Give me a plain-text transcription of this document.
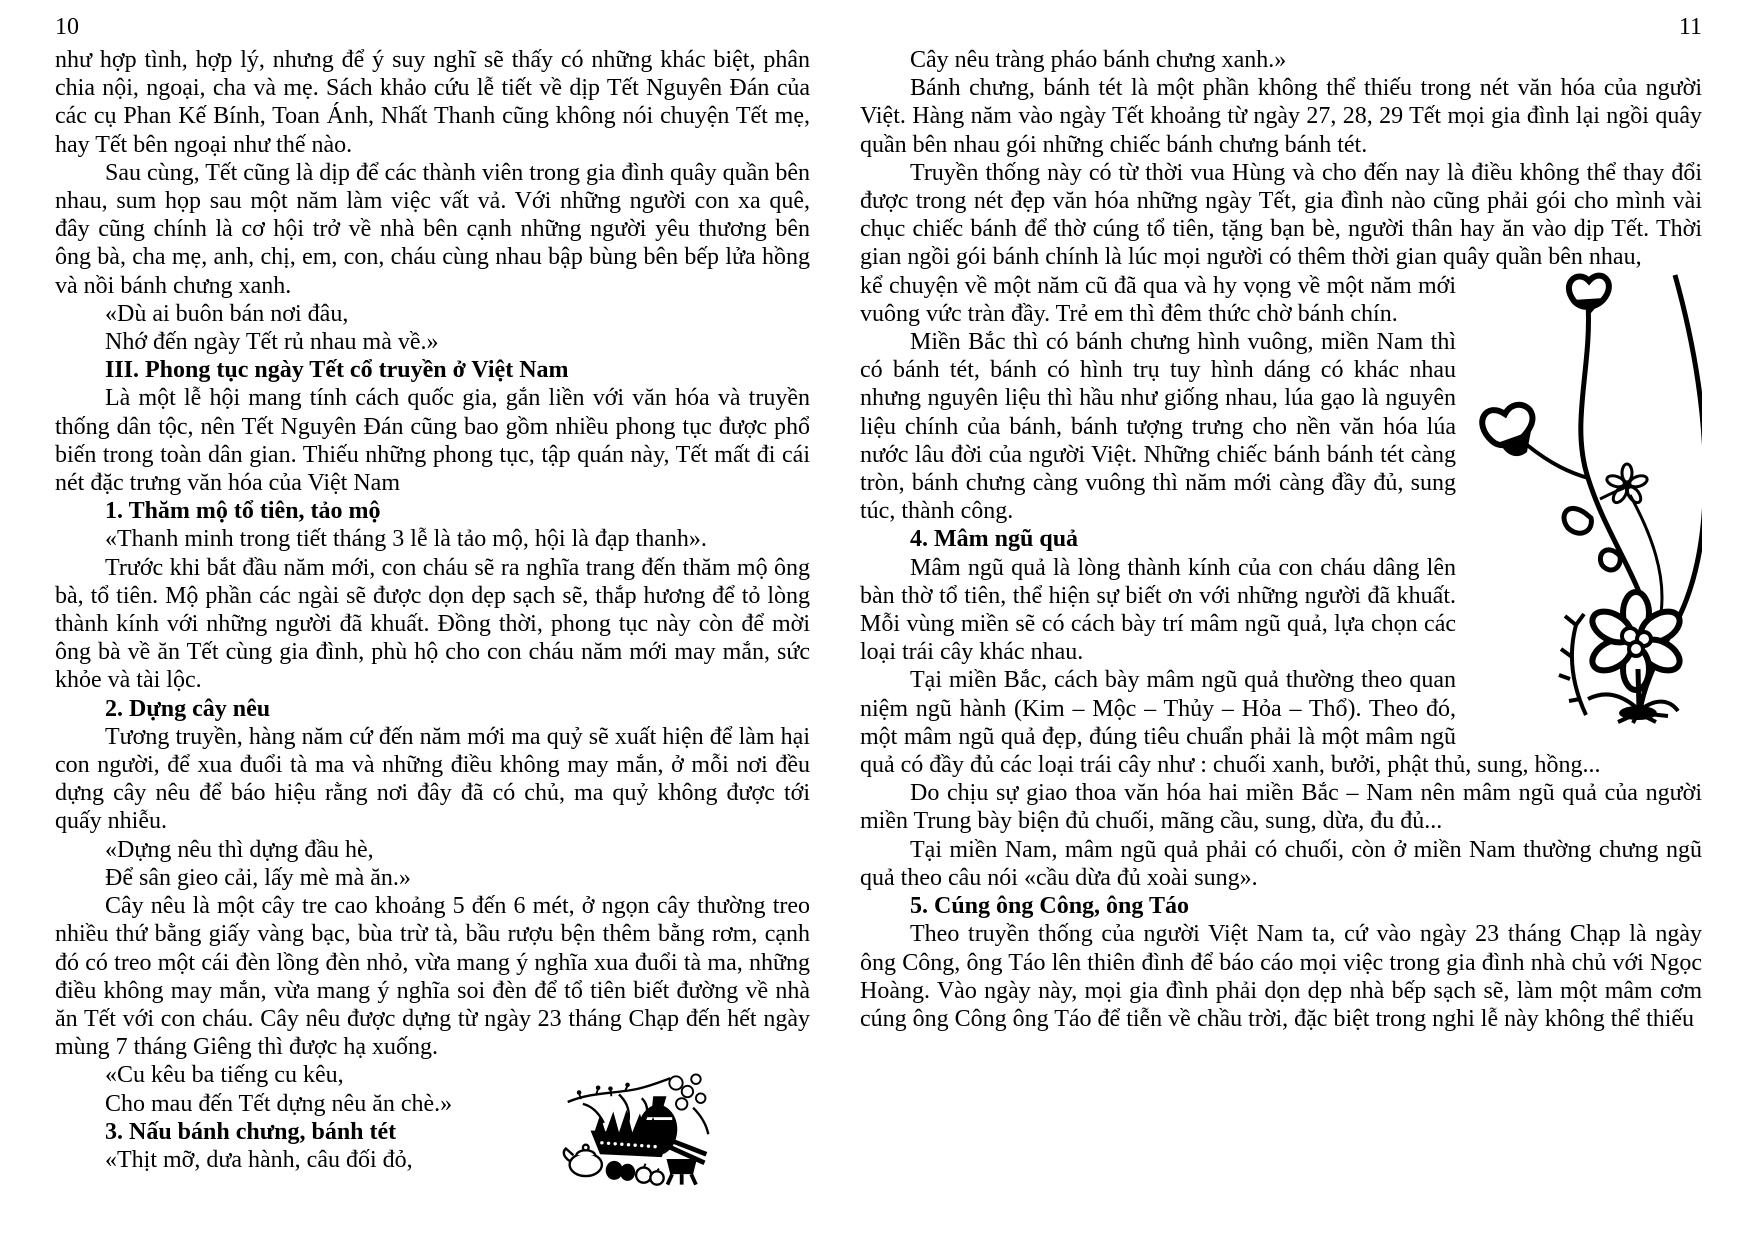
10

như hợp tình, hợp lý, nhưng để ý suy nghĩ sẽ thấy có những khác biệt, phân chia nội, ngoại, cha và mẹ. Sách khảo cứu lễ tiết về dịp Tết Nguyên Đán của các cụ Phan Kế Bính, Toan Ánh, Nhất Thanh cũng không nói chuyện Tết mẹ, hay Tết bên ngoại như thế nào.

Sau cùng, Tết cũng là dịp để các thành viên trong gia đình quây quần bên nhau, sum họp sau một năm làm việc vất vả. Với những người con xa quê, đây cũng chính là cơ hội trở về nhà bên cạnh những người yêu thương bên ông bà, cha mẹ, anh, chị, em, con, cháu cùng nhau bập bùng bên bếp lửa hồng và nồi bánh chưng xanh.

«Dù ai buôn bán nơi đâu,
Nhớ đến ngày Tết rủ nhau mà về.»

III. Phong tục ngày Tết cổ truyền ở Việt Nam

Là một lễ hội mang tính cách quốc gia, gắn liền với văn hóa và truyền thống dân tộc, nên Tết Nguyên Đán cũng bao gồm nhiều phong tục được phổ biến trong toàn dân gian. Thiếu những phong tục, tập quán này, Tết mất đi cái nét đặc trưng văn hóa của Việt Nam

1. Thăm mộ tổ tiên, tảo mộ

«Thanh minh trong tiết tháng 3 lễ là tảo mộ, hội là đạp thanh».

Trước khi bắt đầu năm mới, con cháu sẽ ra nghĩa trang đến thăm mộ ông bà, tổ tiên. Mộ phần các ngài sẽ được dọn dẹp sạch sẽ, thắp hương để tỏ lòng thành kính với những người đã khuất. Đồng thời, phong tục này còn để mời ông bà về ăn Tết cùng gia đình, phù hộ cho con cháu năm mới may mắn, sức khỏe và tài lộc.

2. Dựng cây nêu

Tương truyền, hàng năm cứ đến năm mới ma quỷ sẽ xuất hiện để làm hại con người, để xua đuổi tà ma và những điều không may mắn, ở mỗi nơi đều dựng cây nêu để báo hiệu rằng nơi đây đã có chủ, ma quỷ không được tới quấy nhiễu.

«Dựng nêu thì dựng đầu hè,
Để sân gieo cải, lấy mè mà ăn.»

Cây nêu là một cây tre cao khoảng 5 đến 6 mét, ở ngọn cây thường treo nhiều thứ bằng giấy vàng bạc, bùa trừ tà, bầu rượu bện thêm bằng rơm, cạnh đó có treo một cái đèn lồng đèn nhỏ, vừa mang ý nghĩa xua đuổi tà ma, những điều không may mắn, vừa mang ý nghĩa soi đèn để tổ tiên biết đường về nhà ăn Tết với con cháu. Cây nêu được dựng từ ngày 23 tháng Chạp đến hết ngày mùng 7 tháng Giêng thì được hạ xuống.

«Cu kêu ba tiếng cu kêu,
Cho mau đến Tết dựng nêu ăn chè.»

3. Nấu bánh chưng, bánh tét

«Thịt mỡ, dưa hành, câu đối đỏ,
11
Cây nêu tràng pháo bánh chưng xanh.»

Bánh chưng, bánh tét là một phần không thể thiếu trong nét văn hóa của người Việt. Hàng năm vào ngày Tết khoảng từ ngày 27, 28, 29 Tết mọi gia đình lại ngồi quây quần bên nhau gói những chiếc bánh chưng bánh tét.

Truyền thống này có từ thời vua Hùng và cho đến nay là điều không thể thay đổi được trong nét đẹp văn hóa những ngày Tết, gia đình nào cũng phải gói cho mình vài chục chiếc bánh để thờ cúng tổ tiên, tặng bạn bè, người thân hay ăn vào dịp Tết. Thời gian ngồi gói bánh chính là lúc mọi người có thêm thời gian quây quần bên nhau,

kể chuyện về một năm cũ đã qua và hy vọng về một năm mới vuông vức tràn đầy. Trẻ em thì đêm thức chờ bánh chín.

Miền Bắc thì có bánh chưng hình vuông, miền Nam thì có bánh tét, bánh có hình trụ tuy hình dáng có khác nhau nhưng nguyên liệu thì hầu như giống nhau, lúa gạo là nguyên liệu chính của bánh, bánh tượng trưng cho nền văn hóa lúa nước lâu đời của người Việt. Những chiếc bánh bánh tét càng tròn, bánh chưng càng vuông thì năm mới càng đầy đủ, sung túc, thành công.

4. Mâm ngũ quả

Mâm ngũ quả là lòng thành kính của con cháu dâng lên bàn thờ tổ tiên, thể hiện sự biết ơn với những người đã khuất. Mỗi vùng miền sẽ có cách bày trí mâm ngũ quả, lựa chọn các loại trái cây khác nhau.

Tại miền Bắc, cách bày mâm ngũ quả thường theo quan niệm ngũ hành (Kim – Mộc – Thủy – Hỏa – Thổ). Theo đó, một mâm ngũ quả đẹp, đúng tiêu chuẩn phải là một mâm ngũ quả có đầy đủ các loại trái cây như : chuối xanh, bưởi, phật thủ, sung, hồng...

Do chịu sự giao thoa văn hóa hai miền Bắc – Nam nên mâm ngũ quả của người miền Trung bày biện đủ chuối, mãng cầu, sung, dừa, đu đủ...

Tại miền Nam, mâm ngũ quả phải có chuối, còn ở miền Nam thường chưng ngũ quả theo câu nói «cầu dừa đủ xoài sung».

5. Cúng ông Công, ông Táo

Theo truyền thống của người Việt Nam ta, cứ vào ngày 23 tháng Chạp là ngày ông Công, ông Táo lên thiên đình để báo cáo mọi việc trong gia đình nhà chủ với Ngọc Hoàng. Vào ngày này, mọi gia đình phải dọn dẹp nhà bếp sạch sẽ, làm một mâm cơm cúng ông Công ông Táo để tiễn về chầu trời, đặc biệt trong nghi lễ này không thể thiếu
